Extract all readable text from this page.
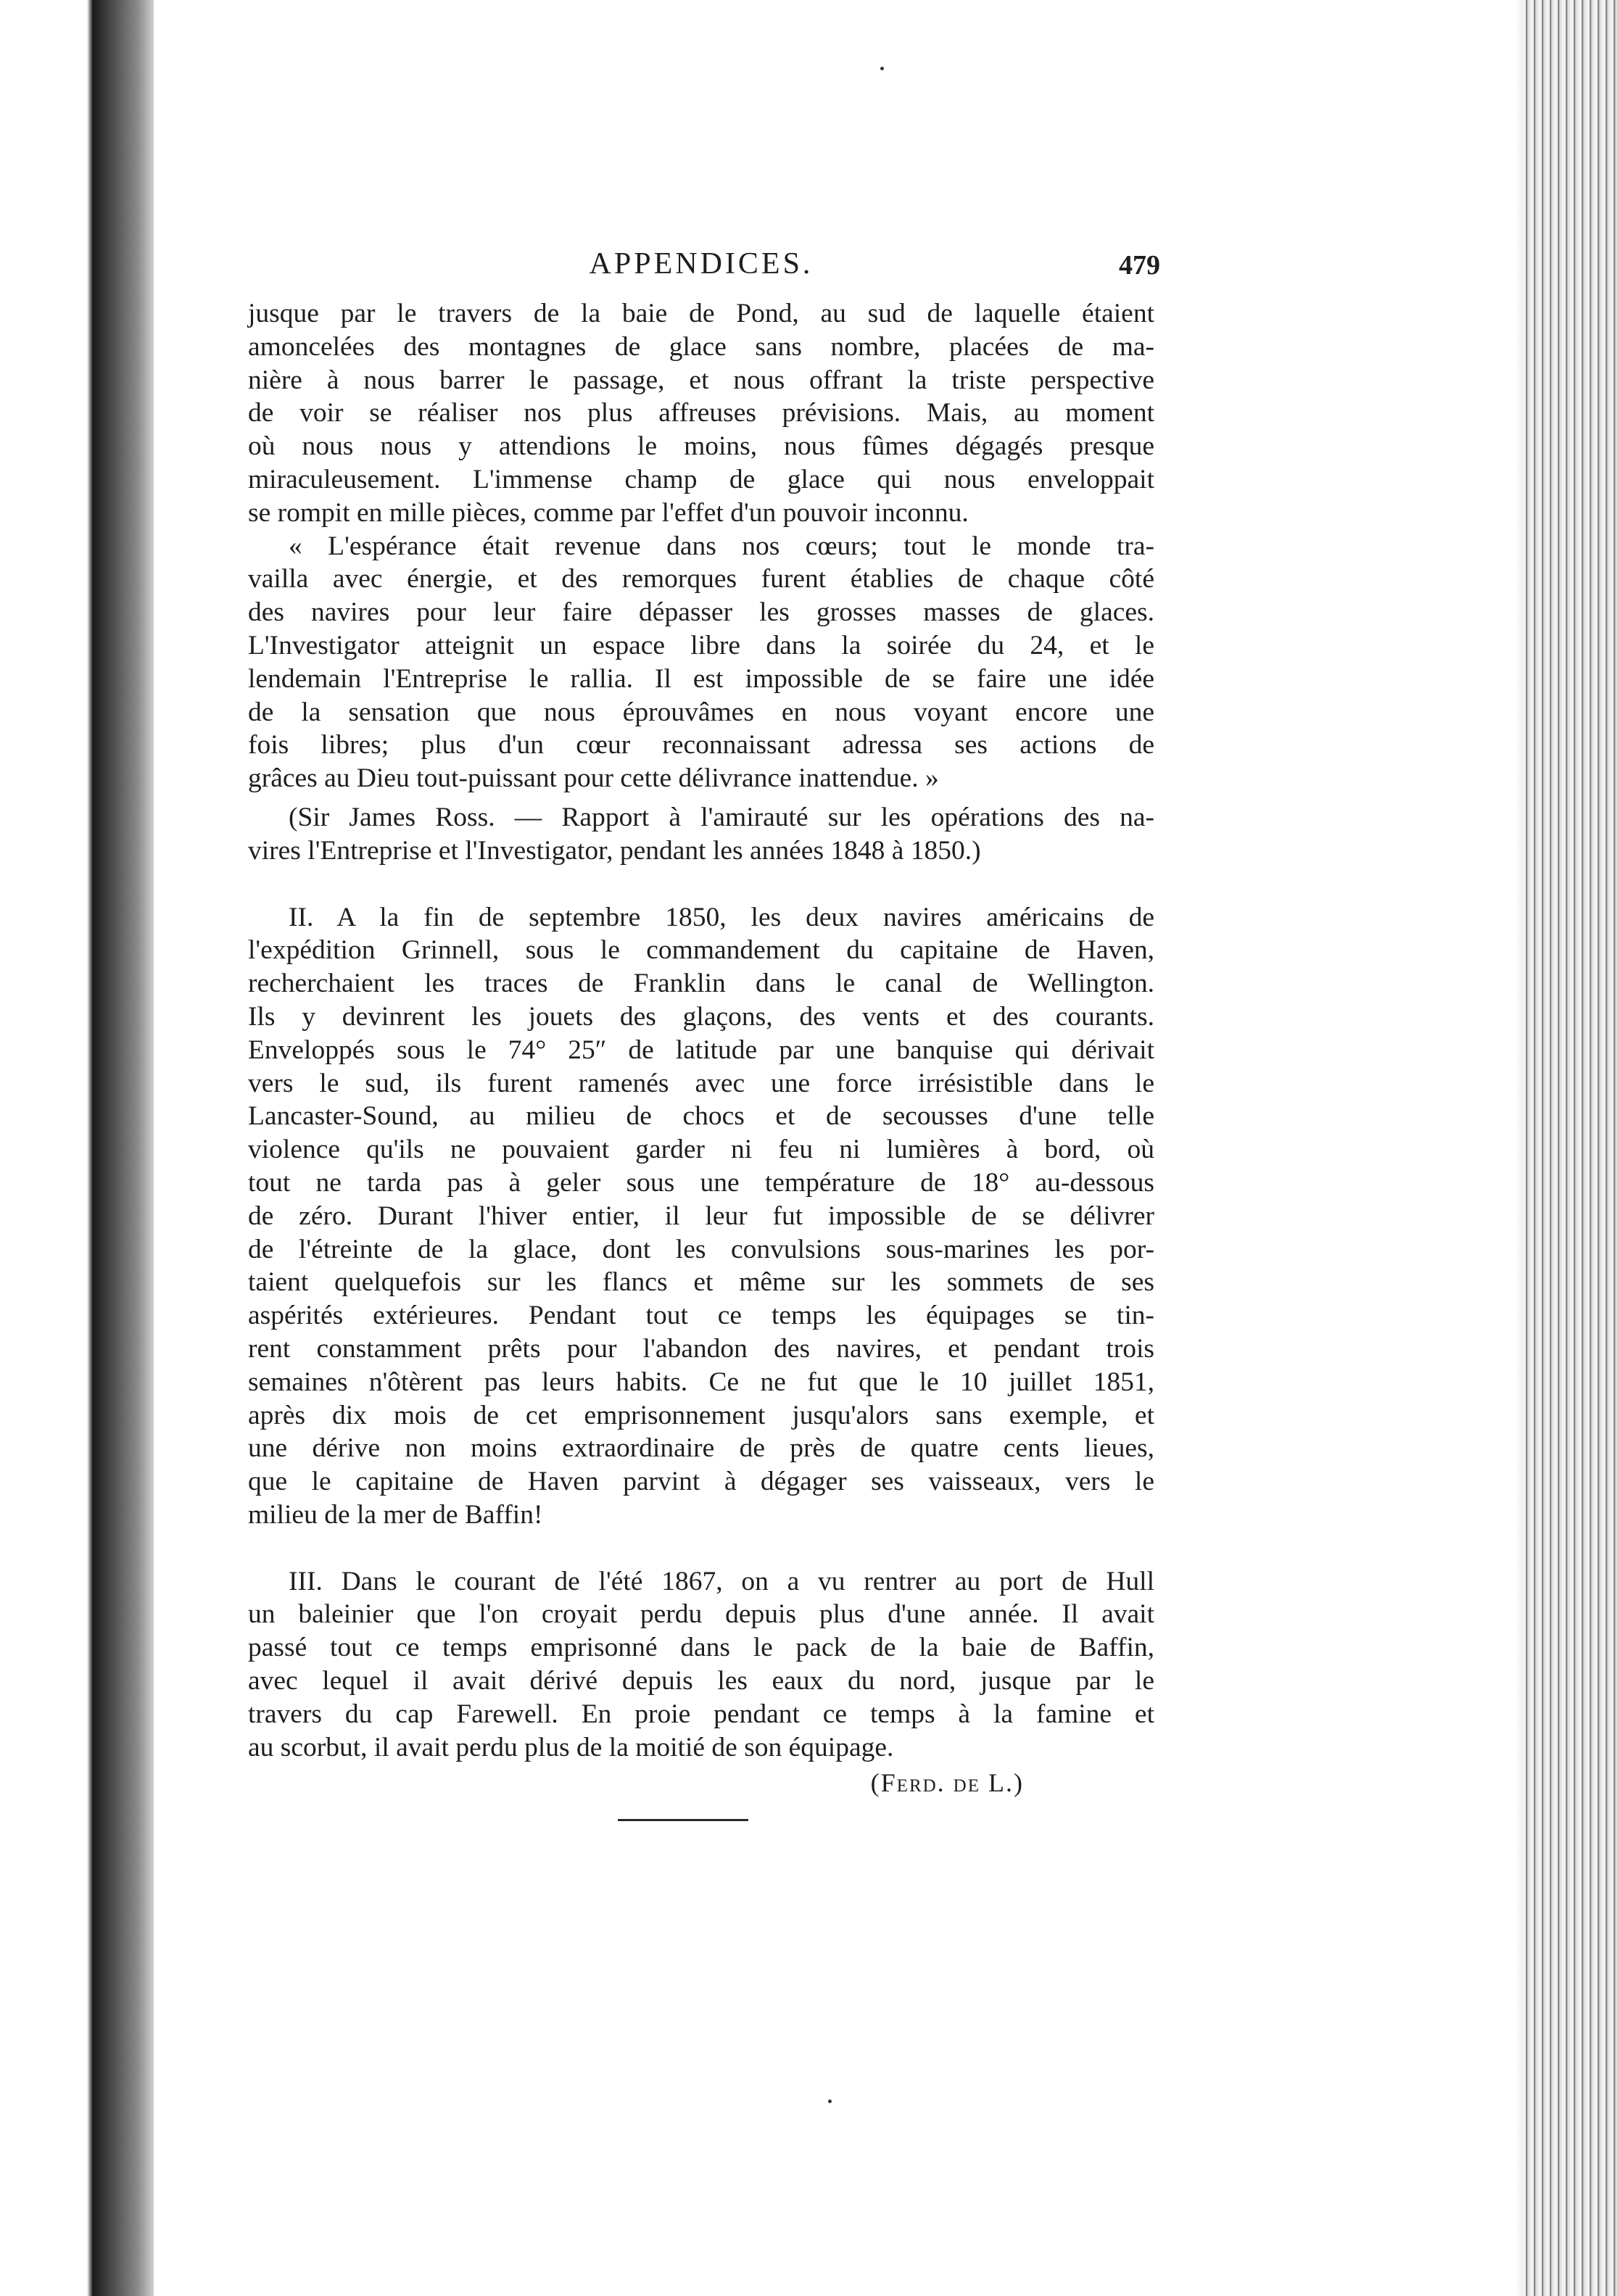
APPENDICES.	479

jusque par le travers de la baie de Pond, au sud de laquelle étaient
amoncelées des montagnes de glace sans nombre, placées de ma-
nière à nous barrer le passage, et nous offrant la triste perspective
de voir se réaliser nos plus affreuses prévisions. Mais, au moment
où nous nous y attendions le moins, nous fûmes dégagés presque
miraculeusement. L'immense champ de glace qui nous enveloppait
se rompit en mille pièces, comme par l'effet d'un pouvoir inconnu.

« L'espérance était revenue dans nos cœurs; tout le monde tra-
vailla avec énergie, et des remorques furent établies de chaque côté
des navires pour leur faire dépasser les grosses masses de glaces.
L'Investigator atteignit un espace libre dans la soirée du 24, et le
lendemain l'Entreprise le rallia. Il est impossible de se faire une idée
de la sensation que nous éprouvâmes en nous voyant encore une
fois libres; plus d'un cœur reconnaissant adressa ses actions de
grâces au Dieu tout-puissant pour cette délivrance inattendue. »

(Sir James Ross. — Rapport à l'amirauté sur les opérations des na-
vires l'Entreprise et l'Investigator, pendant les années 1848 à 1850.)

II. A la fin de septembre 1850, les deux navires américains de
l'expédition Grinnell, sous le commandement du capitaine de Haven,
recherchaient les traces de Franklin dans le canal de Wellington.
Ils y devinrent les jouets des glaçons, des vents et des courants.
Enveloppés sous le 74° 25″ de latitude par une banquise qui dérivait
vers le sud, ils furent ramenés avec une force irrésistible dans le
Lancaster-Sound, au milieu de chocs et de secousses d'une telle
violence qu'ils ne pouvaient garder ni feu ni lumières à bord, où
tout ne tarda pas à geler sous une température de 18° au-dessous
de zéro. Durant l'hiver entier, il leur fut impossible de se délivrer
de l'étreinte de la glace, dont les convulsions sous-marines les por-
taient quelquefois sur les flancs et même sur les sommets de ses
aspérités extérieures. Pendant tout ce temps les équipages se tin-
rent constamment prêts pour l'abandon des navires, et pendant trois
semaines n'ôtèrent pas leurs habits. Ce ne fut que le 10 juillet 1851,
après dix mois de cet emprisonnement jusqu'alors sans exemple, et
une dérive non moins extraordinaire de près de quatre cents lieues,
que le capitaine de Haven parvint à dégager ses vaisseaux, vers le
milieu de la mer de Baffin!

III. Dans le courant de l'été 1867, on a vu rentrer au port de Hull
un baleinier que l'on croyait perdu depuis plus d'une année. Il avait
passé tout ce temps emprisonné dans le pack de la baie de Baffin,
avec lequel il avait dérivé depuis les eaux du nord, jusque par le
travers du cap Farewell. En proie pendant ce temps à la famine et
au scorbut, il avait perdu plus de la moitié de son équipage.

(Ferd. de L.)
